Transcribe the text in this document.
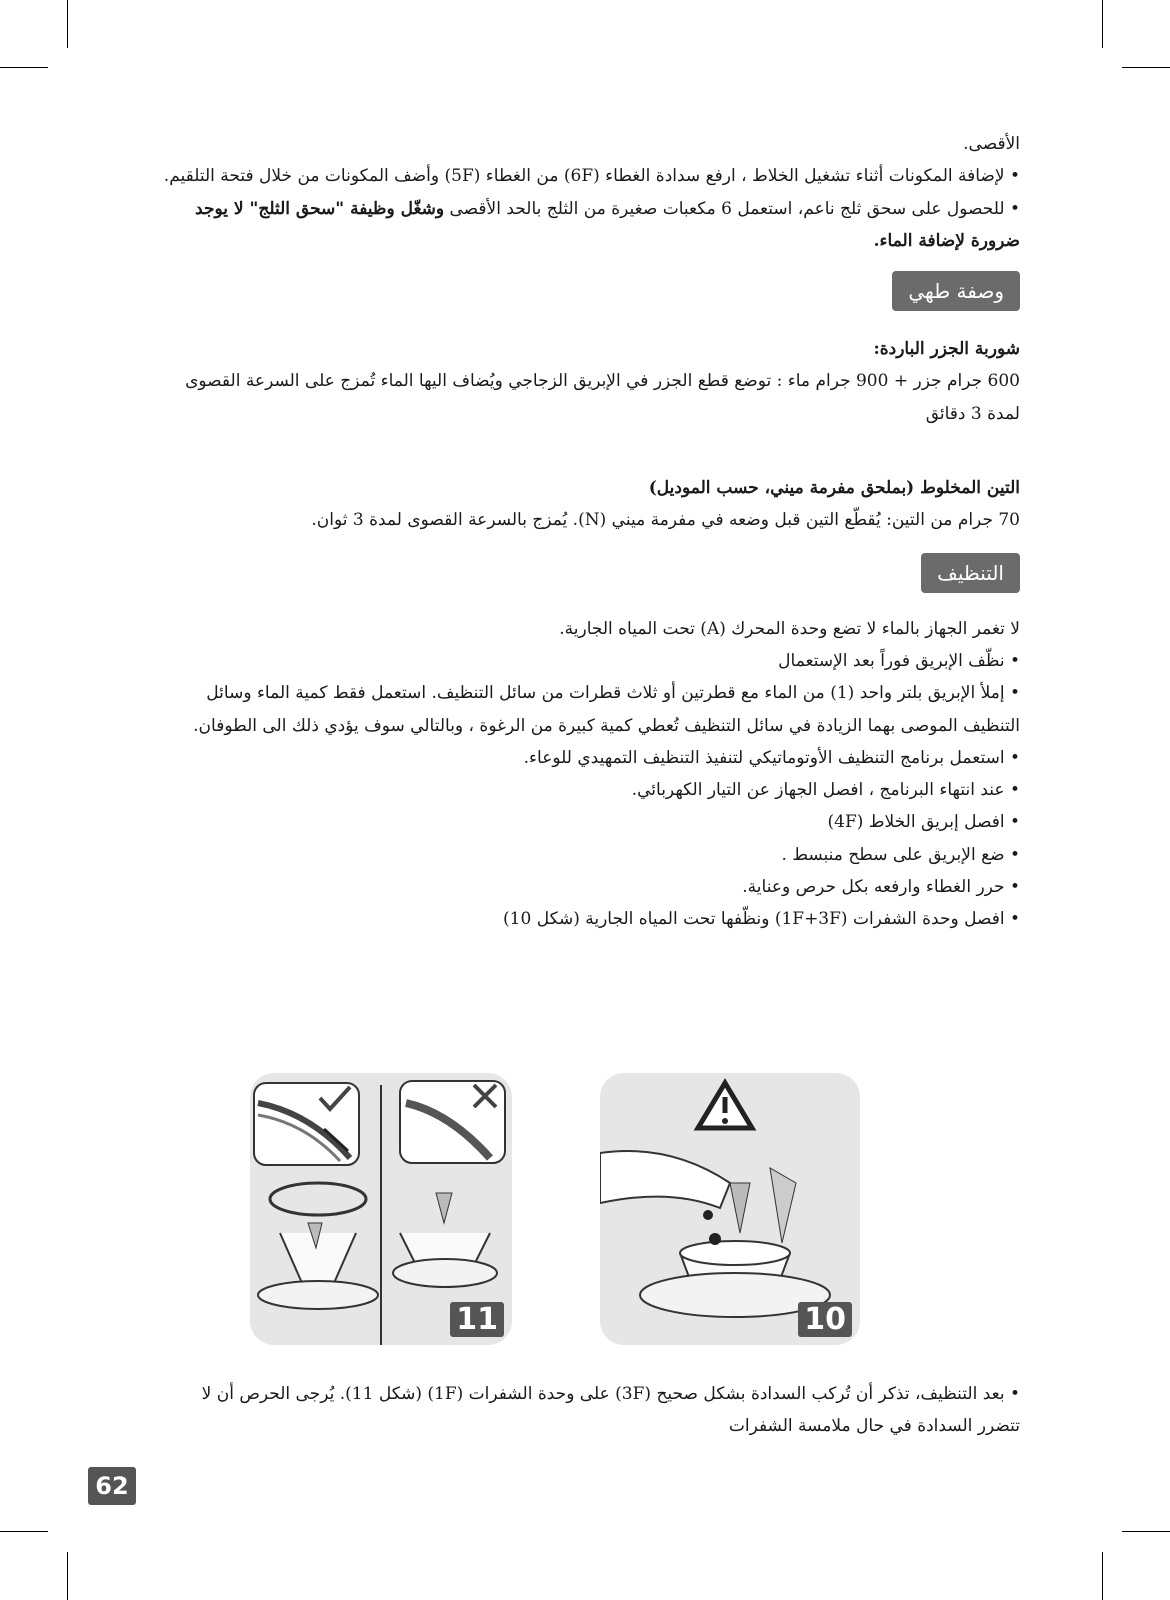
الأقصى.

• لإضافة المكونات أثناء تشغيل الخلاط ، ارفع سدادة الغطاء (6F) من الغطاء (5F) وأضف المكونات من خلال فتحة التلقيم.

• للحصول على سحق ثلج ناعم، استعمل 6 مكعبات صغيرة من الثلج بالحد الأقصى وشغّل وظيفة "سحق الثلج" لا يوجد ضرورة لإضافة الماء.

وصفة طهي

شوربة الجزر الباردة:

600 جرام جزر + 900 جرام ماء : توضع قطع الجزر في الإبريق الزجاجي ويُضاف اليها الماء تُمزج على السرعة القصوى لمدة 3 دقائق

التين المخلوط (بملحق مفرمة ميني، حسب الموديل)

70 جرام من التين: يُقطّع التين قبل وضعه في مفرمة ميني (N). يُمزج بالسرعة القصوى لمدة 3 ثوان.

التنظيف

لا تغمر الجهاز بالماء لا تضع وحدة المحرك (A) تحت المياه الجارية.

• نظّف الإبريق فوراً بعد الإستعمال

• إملأ الإبريق بلتر واحد (1) من الماء مع قطرتين أو ثلاث قطرات من سائل التنظيف. استعمل فقط كمية الماء وسائل التنظيف الموصى بهما الزيادة في سائل التنظيف تُعطي كمية كبيرة من الرغوة ، وبالتالي سوف يؤدي ذلك الى الطوفان.

• استعمل برنامج التنظيف الأوتوماتيكي لتنفيذ التنظيف التمهيدي للوعاء.

• عند انتهاء البرنامج ، افصل الجهاز عن التيار الكهربائي.

• افصل إبريق الخلاط (4F)

• ضع الإبريق على سطح منبسط .

• حرر الغطاء وارفعه بكل حرص وعناية.

• افصل وحدة الشفرات (1F+3F) ونظّفها تحت المياه الجارية (شكل 10)

11	10

• بعد التنظيف، تذكر أن تُركب السدادة بشكل صحيح (3F) على وحدة الشفرات (1F) (شكل 11). يُرجى الحرص أن لا تتضرر السدادة في حال ملامسة الشفرات

62
